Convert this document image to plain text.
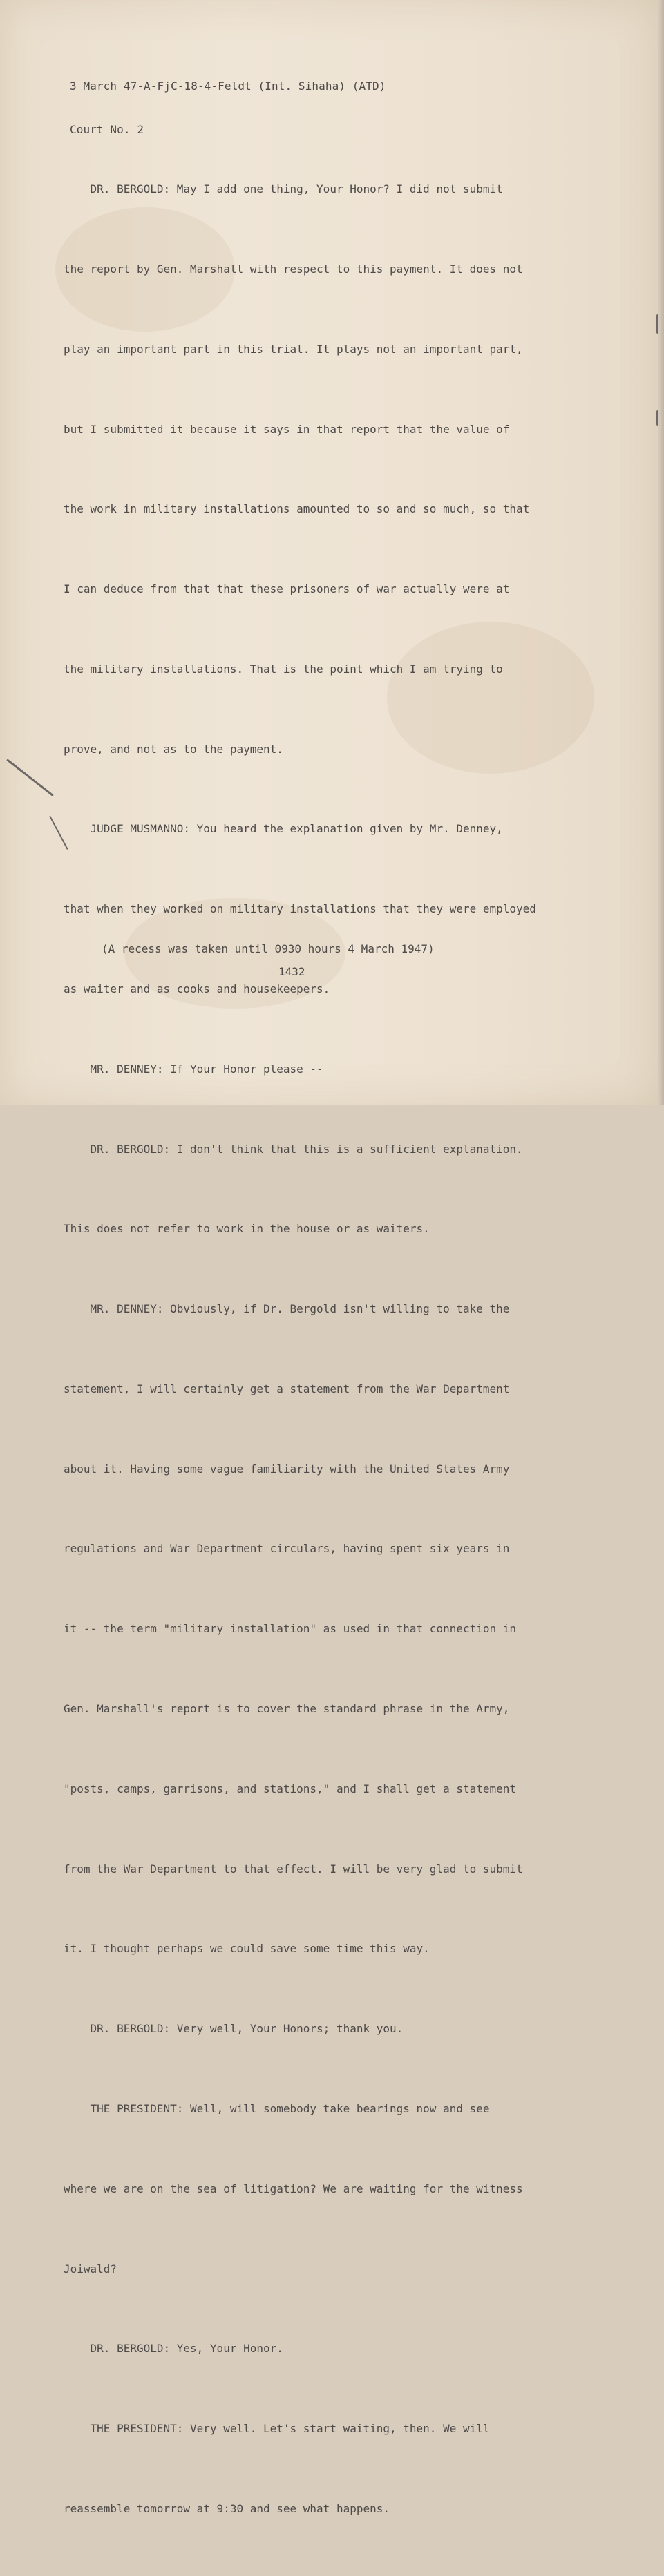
3 March 47-A-FjC-18-4-Feldt (Int. Sihaha) (ATD)

Court No. 2

DR. BERGOLD: May I add one thing, Your Honor? I did not submit

the report by Gen. Marshall with respect to this payment. It does not

play an important part in this trial. It plays not an important part,

but I submitted it because it says in that report that the value of

the work in military installations amounted to so and so much, so that

I can deduce from that that these prisoners of war actually were at

the military installations. That is the point which I am trying to

prove, and not as to the payment.

JUDGE MUSMANNO: You heard the explanation given by Mr. Denney,

that when they worked on military installations that they were employed

as waiter and as cooks and housekeepers.

MR. DENNEY: If Your Honor please --

DR. BERGOLD: I don't think that this is a sufficient explanation.

This does not refer to work in the house or as waiters.

MR. DENNEY: Obviously, if Dr. Bergold isn't willing to take the

statement, I will certainly get a statement from the War Department

about it. Having some vague familiarity with the United States Army

regulations and War Department circulars, having spent six years in

it -- the term "military installation" as used in that connection in

Gen. Marshall's report is to cover the standard phrase in the Army,

"posts, camps, garrisons, and stations," and I shall get a statement

from the War Department to that effect. I will be very glad to submit

it. I thought perhaps we could save some time this way.

DR. BERGOLD: Very well, Your Honors; thank you.

THE PRESIDENT: Well, will somebody take bearings now and see

where we are on the sea of litigation? We are waiting for the witness

Joiwald?

DR. BERGOLD: Yes, Your Honor.

THE PRESIDENT: Very well. Let's start waiting, then. We will

reassemble tomorrow at 9:30 and see what happens.

(A recess was taken until 0930 hours 4 March 1947)
1432
